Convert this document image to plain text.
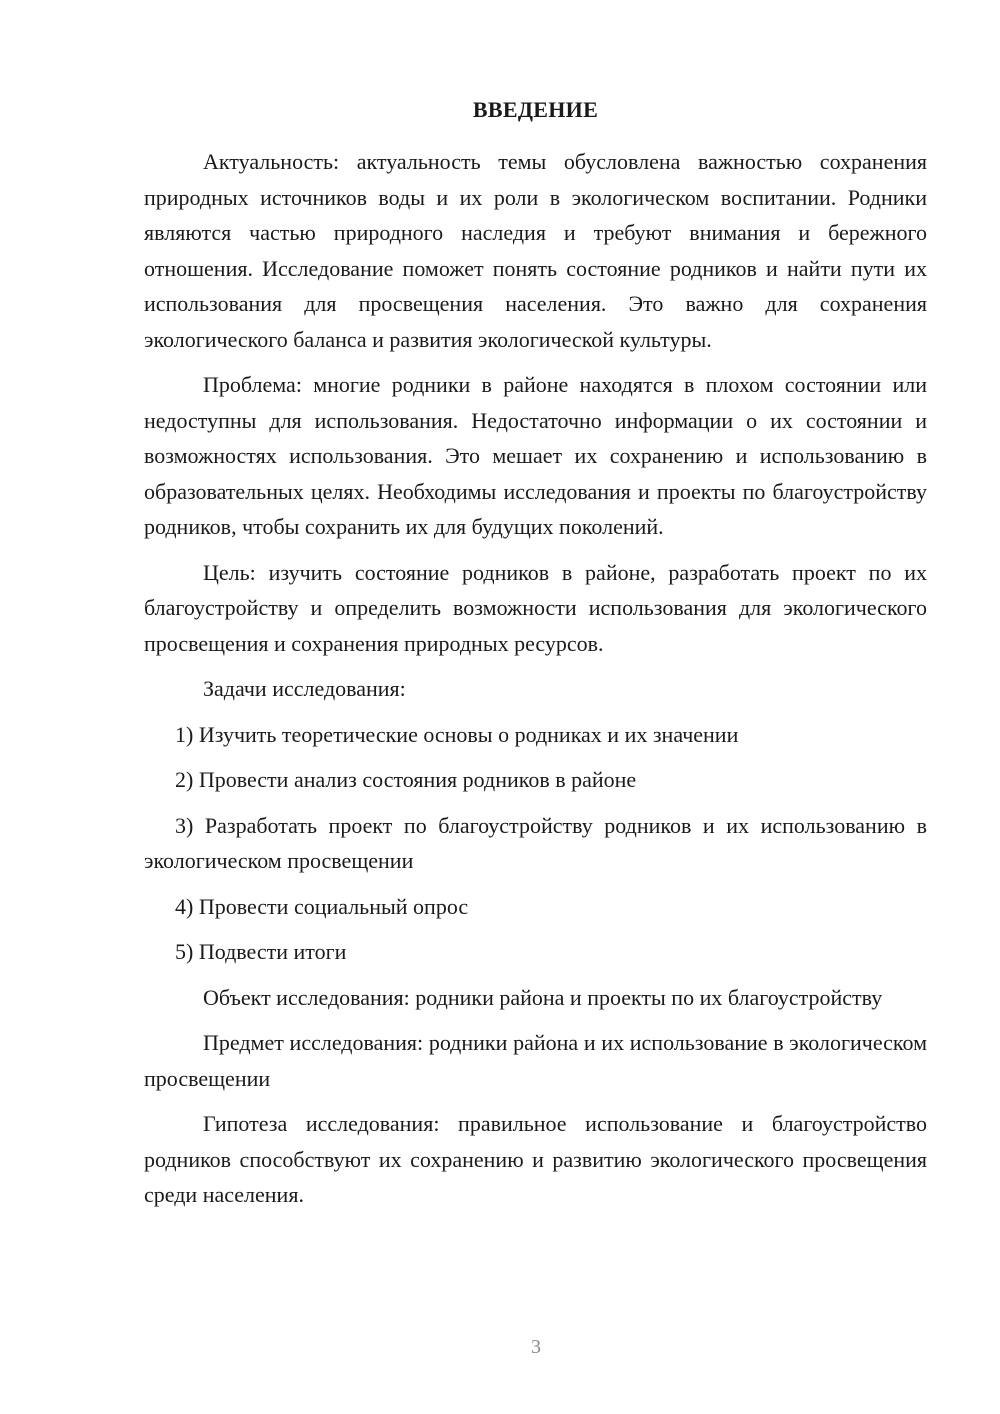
ВВЕДЕНИЕ

Актуальность: актуальность темы обусловлена важностью сохранения природных источников воды и их роли в экологическом воспитании. Родники являются частью природного наследия и требуют внимания и бережного отношения. Исследование поможет понять состояние родников и найти пути их использования для просвещения населения. Это важно для сохранения экологического баланса и развития экологической культуры.

Проблема: многие родники в районе находятся в плохом состоянии или недоступны для использования. Недостаточно информации о их состоянии и возможностях использования. Это мешает их сохранению и использованию в образовательных целях. Необходимы исследования и проекты по благоустройству родников, чтобы сохранить их для будущих поколений.

Цель: изучить состояние родников в районе, разработать проект по их благоустройству и определить возможности использования для экологического просвещения и сохранения природных ресурсов.

Задачи исследования:

1) Изучить теоретические основы о родниках и их значении

2) Провести анализ состояния родников в районе

3) Разработать проект по благоустройству родников и их использованию в экологическом просвещении

4) Провести социальный опрос

5) Подвести итоги

Объект исследования: родники района и проекты по их благоустройству

Предмет исследования: родники района и их использование в экологическом просвещении

Гипотеза исследования: правильное использование и благоустройство родников способствуют их сохранению и развитию экологического просвещения среди населения.

3
